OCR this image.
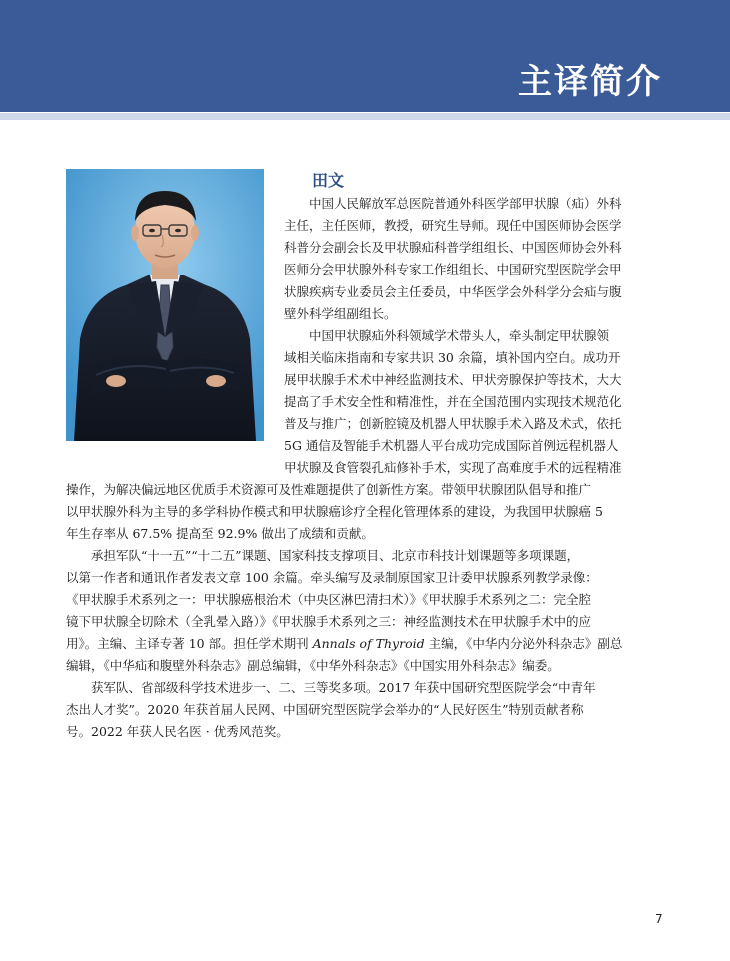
主译简介
田文

中国人民解放军总医院普通外科医学部甲状腺（疝）外科
主任，主任医师，教授，研究生导师。现任中国医师协会医学
科普分会副会长及甲状腺疝科普学组组长、中国医师协会外科
医师分会甲状腺外科专家工作组组长、中国研究型医院学会甲
状腺疾病专业委员会主任委员，中华医学会外科学分会疝与腹
壁外科学组副组长。

中国甲状腺疝外科领域学术带头人，牵头制定甲状腺领
域相关临床指南和专家共识 30 余篇，填补国内空白。成功开
展甲状腺手术术中神经监测技术、甲状旁腺保护等技术，大大
提高了手术安全性和精准性，并在全国范围内实现技术规范化
普及与推广；创新腔镜及机器人甲状腺手术入路及术式，依托
5G 通信及智能手术机器人平台成功完成国际首例远程机器人
甲状腺及食管裂孔疝修补手术，实现了高难度手术的远程精准

操作，为解决偏远地区优质手术资源可及性难题提供了创新性方案。带领甲状腺团队倡导和推广
以甲状腺外科为主导的多学科协作模式和甲状腺癌诊疗全程化管理体系的建设，为我国甲状腺癌 5
年生存率从 67.5% 提高至 92.9% 做出了成绩和贡献。

承担军队“十一五”“十二五”课题、国家科技支撑项目、北京市科技计划课题等多项课题，
以第一作者和通讯作者发表文章 100 余篇。牵头编写及录制原国家卫计委甲状腺系列教学录像：
《甲状腺手术系列之一：甲状腺癌根治术（中央区淋巴清扫术）》《甲状腺手术系列之二：完全腔
镜下甲状腺全切除术（全乳晕入路）》《甲状腺手术系列之三：神经监测技术在甲状腺手术中的应
用》。主编、主译专著 10 部。担任学术期刊 Annals of Thyroid 主编，《中华内分泌外科杂志》副总
编辑，《中华疝和腹壁外科杂志》副总编辑，《中华外科杂志》《中国实用外科杂志》编委。

获军队、省部级科学技术进步一、二、三等奖多项。2017 年获中国研究型医院学会“中青年
杰出人才奖”。2020 年获首届人民网、中国研究型医院学会举办的“人民好医生”特别贡献者称
号。2022 年获人民名医 · 优秀风范奖。

7
